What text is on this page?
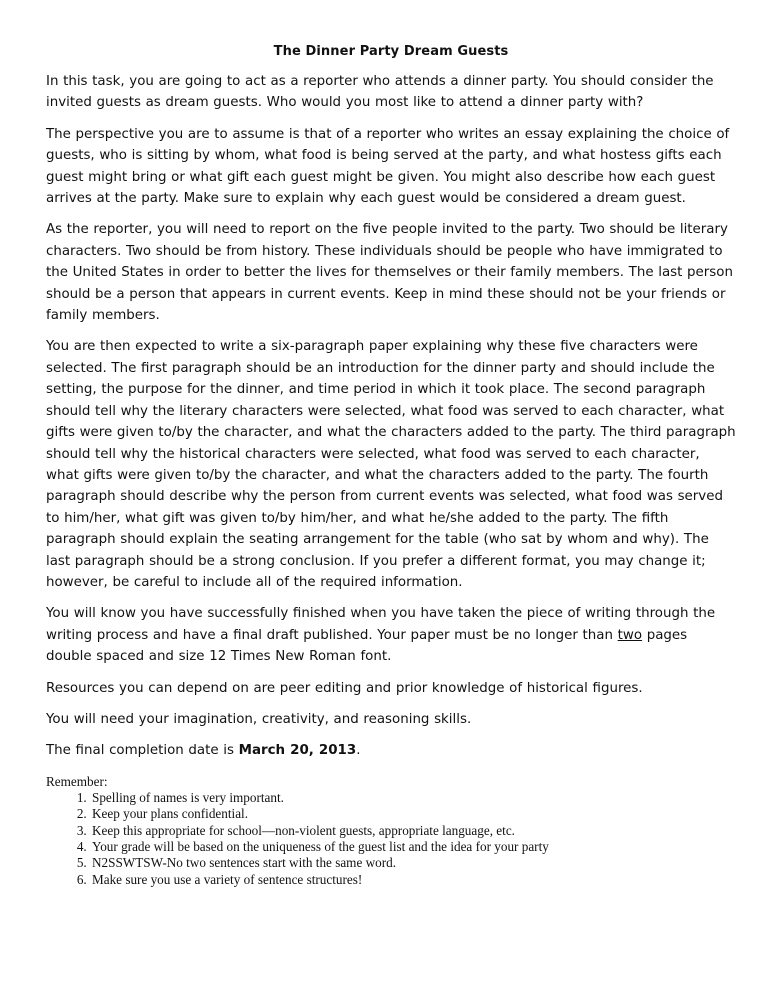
The Dinner Party Dream Guests

In this task, you are going to act as a reporter who attends a dinner party. You should consider the invited guests as dream guests. Who would you most like to attend a dinner party with?

The perspective you are to assume is that of a reporter who writes an essay explaining the choice of guests, who is sitting by whom, what food is being served at the party, and what hostess gifts each guest might bring or what gift each guest might be given. You might also describe how each guest arrives at the party. Make sure to explain why each guest would be considered a dream guest.

As the reporter, you will need to report on the five people invited to the party. Two should be literary characters. Two should be from history. These individuals should be people who have immigrated to the United States in order to better the lives for themselves or their family members. The last person should be a person that appears in current events. Keep in mind these should not be your friends or family members.

You are then expected to write a six-paragraph paper explaining why these five characters were selected. The first paragraph should be an introduction for the dinner party and should include the setting, the purpose for the dinner, and time period in which it took place. The second paragraph should tell why the literary characters were selected, what food was served to each character, what gifts were given to/by the character, and what the characters added to the party. The third paragraph should tell why the historical characters were selected, what food was served to each character, what gifts were given to/by the character, and what the characters added to the party. The fourth paragraph should describe why the person from current events was selected, what food was served to him/her, what gift was given to/by him/her, and what he/she added to the party. The fifth paragraph should explain the seating arrangement for the table (who sat by whom and why). The last paragraph should be a strong conclusion. If you prefer a different format, you may change it; however, be careful to include all of the required information.

You will know you have successfully finished when you have taken the piece of writing through the writing process and have a final draft published. Your paper must be no longer than two pages double spaced and size 12 Times New Roman font.

Resources you can depend on are peer editing and prior knowledge of historical figures.

You will need your imagination, creativity, and reasoning skills.

The final completion date is March 20, 2013.

Remember:
1. Spelling of names is very important.
2. Keep your plans confidential.
3. Keep this appropriate for school—non-violent guests, appropriate language, etc.
4. Your grade will be based on the uniqueness of the guest list and the idea for your party
5. N2SSWTSW-No two sentences start with the same word.
6. Make sure you use a variety of sentence structures!
